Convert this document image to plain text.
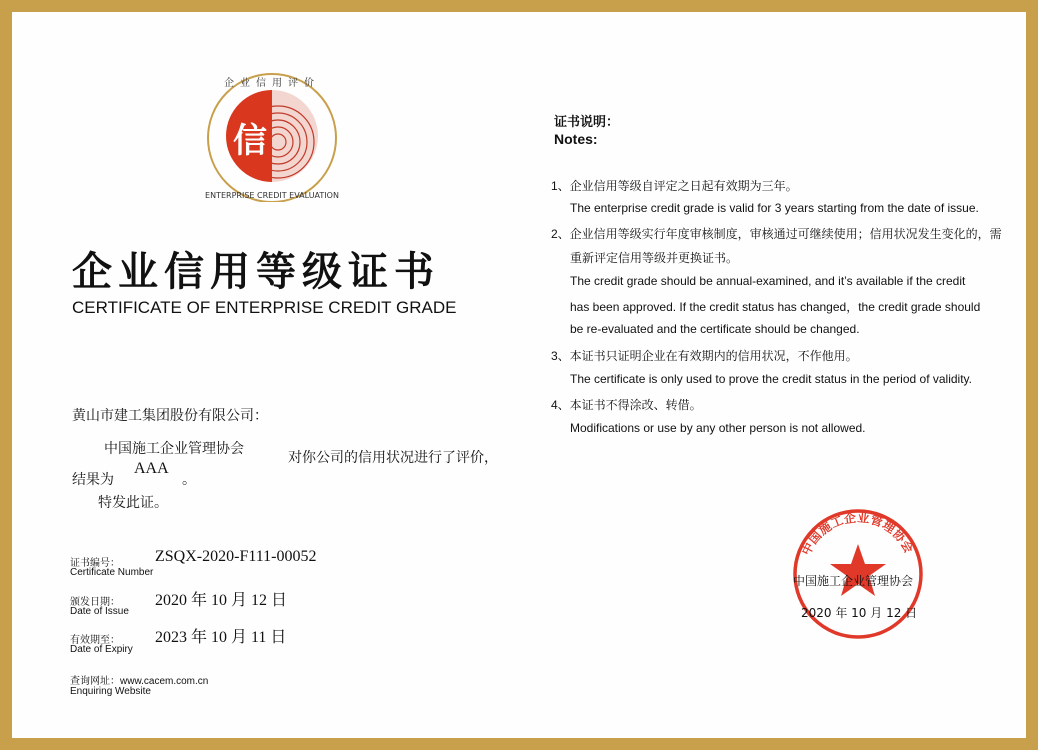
信
企业信用评价
ENTERPRISE CREDIT EVALUATION
企业信用等级证书
CERTIFICATE OF ENTERPRISE CREDIT GRADE
黄山市建工集团股份有限公司：
中国施工企业管理协会
对你公司的信用状况进行了评价，
结果为
AAA
。
特发此证。
证书编号：
Certificate Number
ZSQX-2020-F111-00052
颁发日期：
Date of Issue
2020 年 10 月 12 日
有效期至：
Date of Expiry
2023 年 10 月 11 日
查询网址：www.cacem.com.cn
Enquiring Website
证书说明：
Notes:
1、企业信用等级自评定之日起有效期为三年。
The enterprise credit grade is valid for 3 years starting from the date of issue.
2、企业信用等级实行年度审核制度，审核通过可继续使用；信用状况发生变化的，需
重新评定信用等级并更换证书。
The credit grade should be annual-examined, and it’s available if the credit
has been approved. If the credit status has changed，the credit grade should
be re-evaluated and the certificate should be changed.
3、本证书只证明企业在有效期内的信用状况，不作他用。
The certificate is only used to prove the credit status in the period of validity.
4、本证书不得涂改、转借。
Modifications or use by any other person is not allowed.
中国施工企业管理协会
中国施工企业管理协会
2020 年 10 月 12 日
